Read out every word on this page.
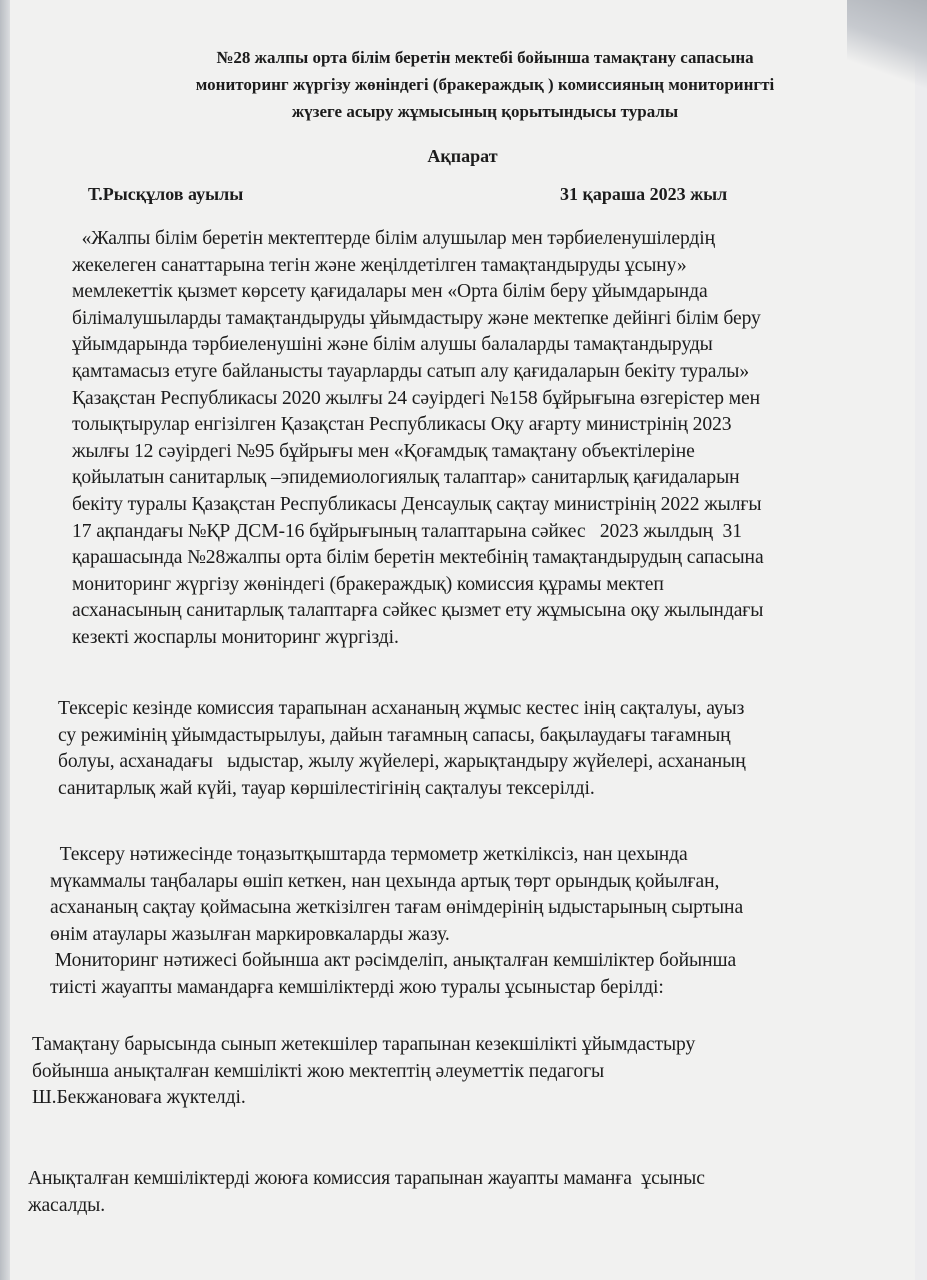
№28 жалпы орта білім беретін мектебі бойынша тамақтану сапасына
мониторинг жүргізу жөніндегі (бракераждық ) комиссияның мониторингті
жүзеге асыру жұмысының қорытындысы туралы
Ақпарат
Т.Рысқұлов ауылы	31 қараша 2023 жыл
«Жалпы білім беретін мектептерде білім алушылар мен тәрбиеленушілердің
жекелеген санаттарына тегін және жеңілдетілген тамақтандыруды ұсыну»
мемлекеттік қызмет көрсету қағидалары мен «Орта білім беру ұйымдарында
білімалушыларды тамақтандыруды ұйымдастыру және мектепке дейінгі білім беру
ұйымдарында тәрбиеленушіні және білім алушы балаларды тамақтандыруды
қамтамасыз етуге байланысты тауарларды сатып алу қағидаларын бекіту туралы»
Қазақстан Республикасы 2020 жылғы 24 сәуірдегі №158 бұйрығына өзгерістер мен
толықтырулар енгізілген Қазақстан Республикасы Оқу ағарту министрінің 2023
жылғы 12 сәуірдегі №95 бұйрығы мен «Қоғамдық тамақтану объектілеріне
қойылатын санитарлық –эпидемиологиялық талаптар» санитарлық қағидаларын
бекіту туралы Қазақстан Республикасы Денсаулық сақтау министрінің 2022 жылғы
17 ақпандағы №ҚР ДСМ-16 бұйрығының талаптарына сәйкес   2023 жылдың  31
қарашасында №28жалпы орта білім беретін мектебінің тамақтандырудың сапасына
мониторинг жүргізу жөніндегі (бракераждық) комиссия құрамы мектеп
асханасының санитарлық талаптарға сәйкес қызмет ету жұмысына оқу жылындағы
кезекті жоспарлы мониторинг жүргізді.
Тексеріс кезінде комиссия тарапынан асхананың жұмыс кестес інің сақталуы, ауыз
су режимінің ұйымдастырылуы, дайын тағамның сапасы, бақылаудағы тағамның
болуы, асханадағы   ыдыстар, жылу жүйелері, жарықтандыру жүйелері, асхананың
санитарлық жай күйі, тауар көршілестігінің сақталуы тексерілді.
Тексеру нәтижесінде тоңазытқыштарда термометр жеткіліксіз, нан цехында
мүкаммалы таңбалары өшіп кеткен, нан цехында артық төрт орындық қойылған,
асхананың сақтау қоймасына жеткізілген тағам өнімдерінің ыдыстарының сыртына
өнім атаулары жазылған маркировкаларды жазу.
Мониторинг нәтижесі бойынша акт рәсімделіп, анықталған кемшіліктер бойынша
тиісті жауапты мамандарға кемшіліктерді жою туралы ұсыныстар берілді:
Тамақтану барысында сынып жетекшілер тарапынан кезекшілікті ұйымдастыру
бойынша анықталған кемшілікті жою мектептің әлеуметтік педагогы
Ш.Бекжановаға жүктелді.
Анықталған кемшіліктерді жоюға комиссия тарапынан жауапты маманға  ұсыныс
жасалды.
